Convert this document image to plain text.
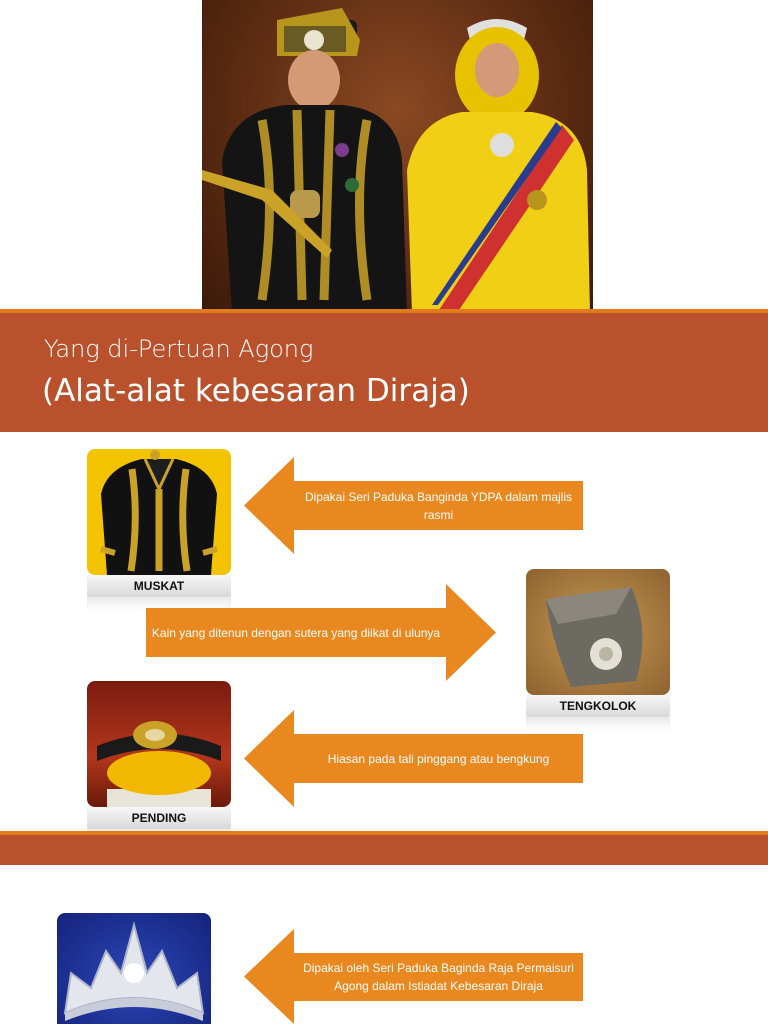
Yang di-Pertuan Agong
(Alat-alat kebesaran Diraja)
MUSKAT
Dipakai Seri Paduka Banginda YDPA dalam majlis rasmi
Kain yang ditenun dengan sutera yang diikat di ulunya
TENGKOLOK
PENDING
Hiasan pada tali pinggang atau bengkung
Dipakai oleh Seri Paduka Baginda Raja Permaisuri Agong dalam Istiadat Kebesaran Diraja
